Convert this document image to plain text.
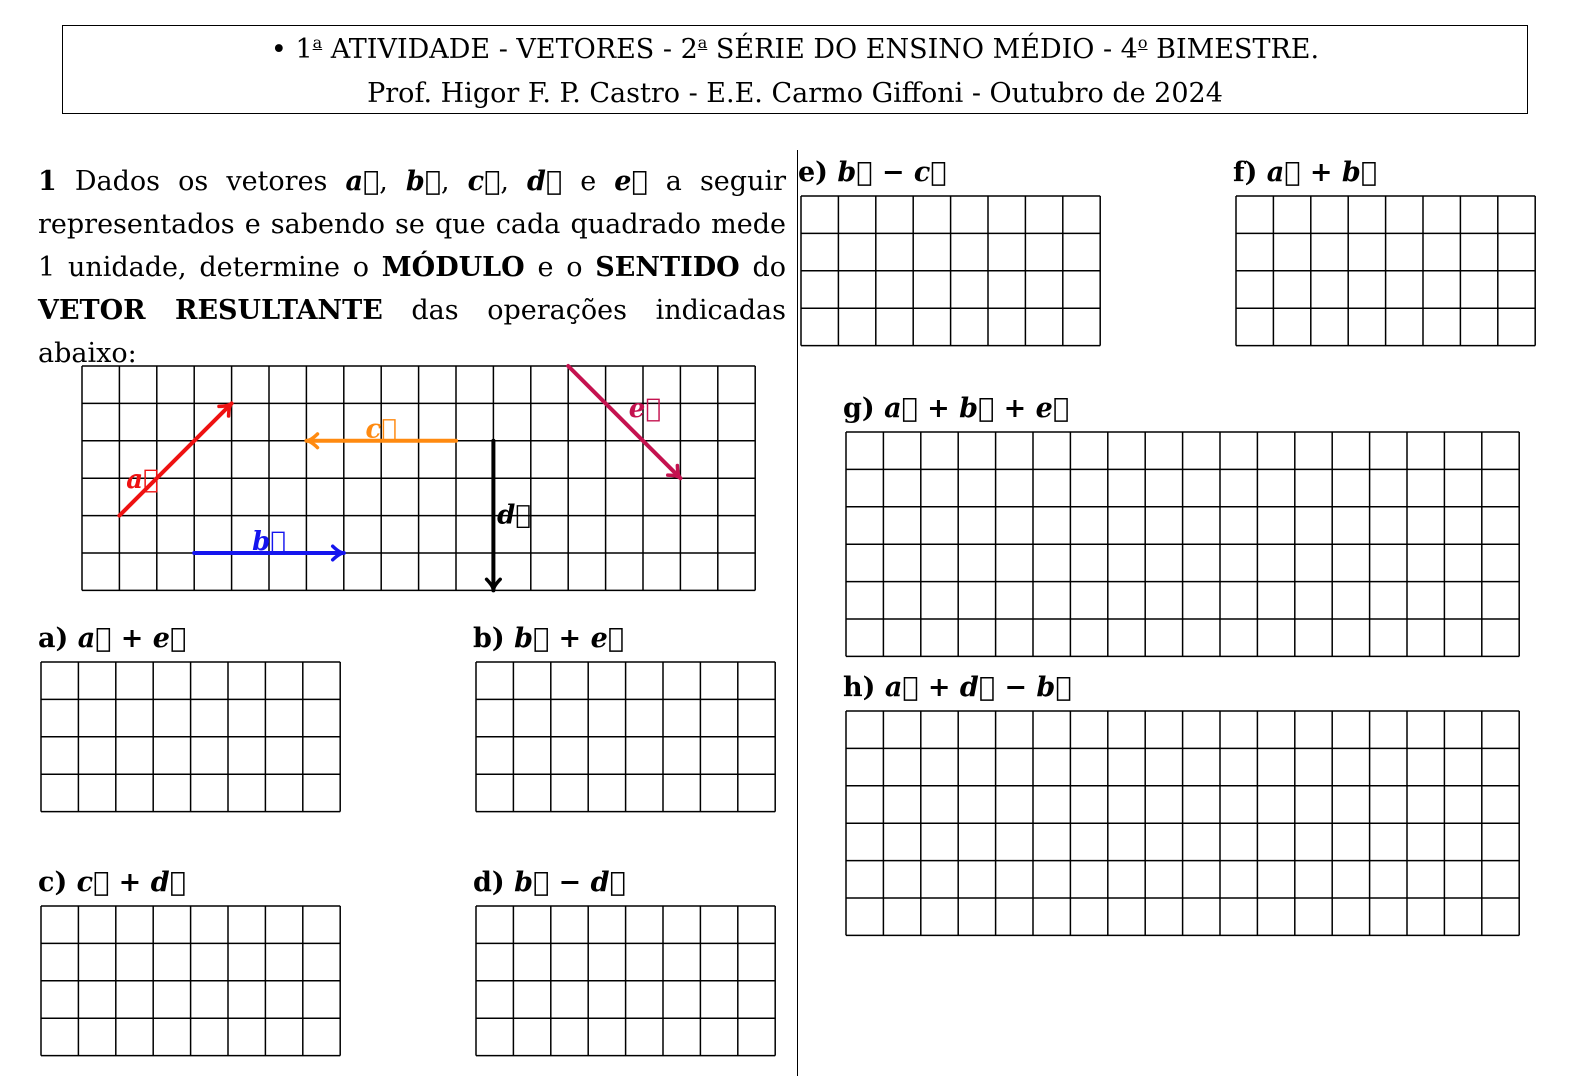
• 1$^a$ ATIVIDADE - VETORES - 2$^a$ SÉRIE DO ENSINO MÉDIO - 4$^o$ BIMESTRE.
Prof. Higor F. P. Castro - E.E. Carmo Giffoni - Outubro de 2024
1 Dados os vetores a⃗, b⃗, c⃗, d⃗ e e⃗ a seguir representados e sabendo se que cada quadrado mede 1 unidade, determine o MÓDULO e o SENTIDO do VETOR RESULTANTE das operações indicadas abaixo:
a⃗
b⃗
c⃗
d⃗
e⃗
a) a⃗ + e⃗	b) b⃗ + e⃗
c) c⃗ + d⃗	d) b⃗ − d⃗
e) b⃗ − c⃗	f) a⃗ + b⃗
g) a⃗ + b⃗ + e⃗
h) a⃗ + d⃗ − b⃗
